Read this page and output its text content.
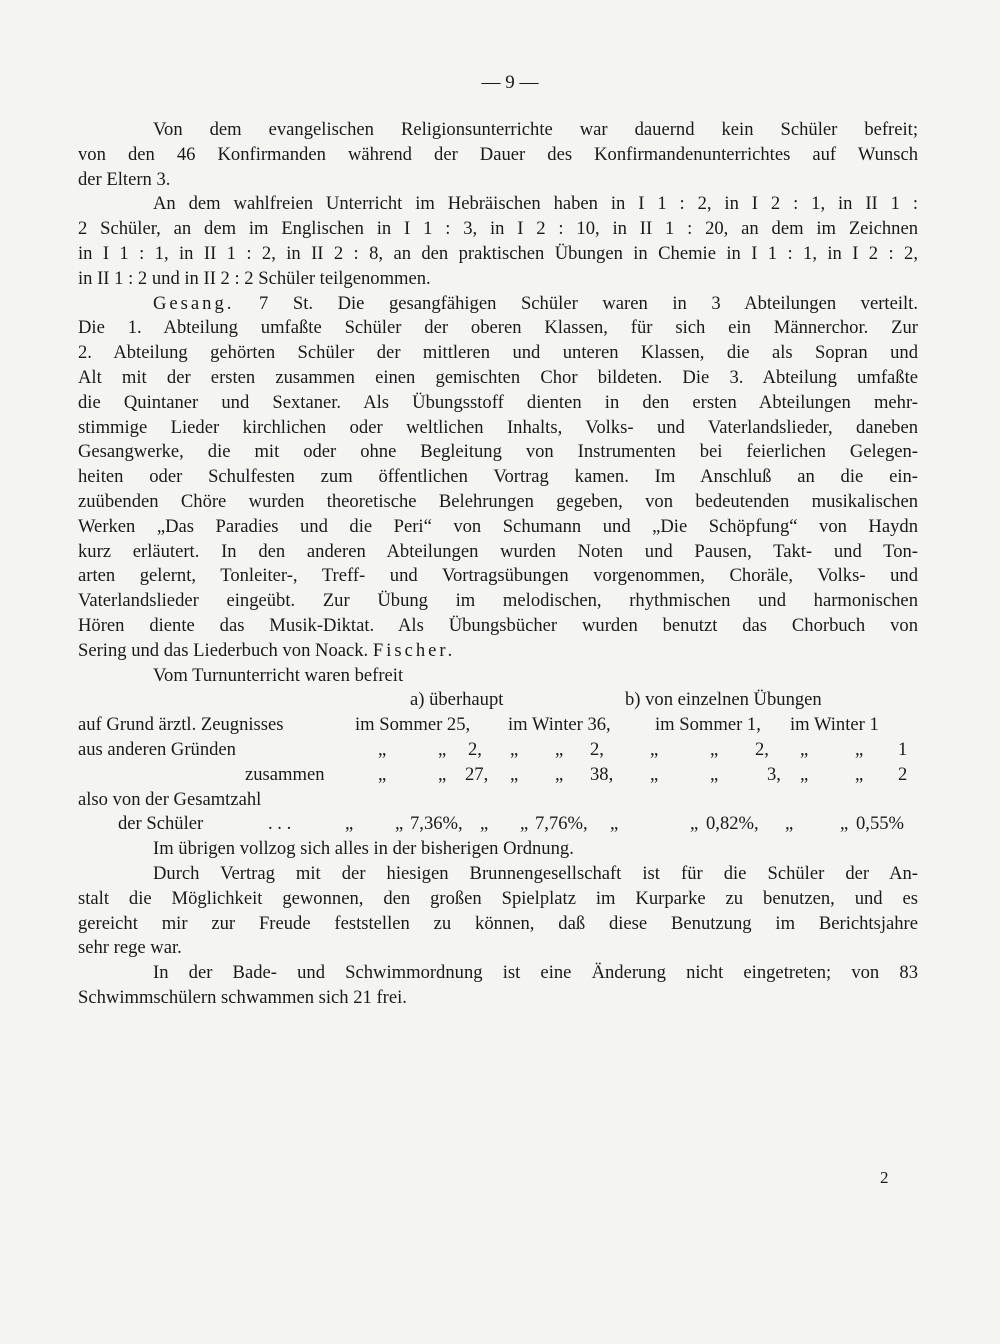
— 9 —
Von dem evangelischen Religionsunterrichte war dauernd kein Schüler befreit;
von den 46 Konfirmanden während der Dauer des Konfirmandenunterrichtes auf Wunsch
der Eltern 3.
An dem wahlfreien Unterricht im Hebräischen haben in I 1 : 2, in I 2 : 1, in II 1 :
2 Schüler, an dem im Englischen in I 1 : 3, in I 2 : 10, in II 1 : 20, an dem im Zeichnen
in I 1 : 1, in II 1 : 2, in II 2 : 8, an den praktischen Übungen in Chemie in I 1 : 1, in I 2 : 2,
in II 1 : 2 und in II 2 : 2 Schüler teilgenommen.
Gesang. 7 St. Die gesangfähigen Schüler waren in 3 Abteilungen verteilt.
Die 1. Abteilung umfaßte Schüler der oberen Klassen, für sich ein Männerchor. Zur
2. Abteilung gehörten Schüler der mittleren und unteren Klassen, die als Sopran und
Alt mit der ersten zusammen einen gemischten Chor bildeten. Die 3. Abteilung umfaßte
die Quintaner und Sextaner. Als Übungsstoff dienten in den ersten Abteilungen mehr-
stimmige Lieder kirchlichen oder weltlichen Inhalts, Volks- und Vaterlandslieder, daneben
Gesangwerke, die mit oder ohne Begleitung von Instrumenten bei feierlichen Gelegen-
heiten oder Schulfesten zum öffentlichen Vortrag kamen. Im Anschluß an die ein-
zuübenden Chöre wurden theoretische Belehrungen gegeben, von bedeutenden musikalischen
Werken „Das Paradies und die Peri“ von Schumann und „Die Schöpfung“ von Haydn
kurz erläutert. In den anderen Abteilungen wurden Noten und Pausen, Takt- und Ton-
arten gelernt, Tonleiter-, Treff- und Vortragsübungen vorgenommen, Choräle, Volks- und
Vaterlandslieder eingeübt. Zur Übung im melodischen, rhythmischen und harmonischen
Hören diente das Musik-Diktat. Als Übungsbücher wurden benutzt das Chorbuch von
Sering und das Liederbuch von Noack. Fischer.
Vom Turnunterricht waren befreit
a) überhaupt	b) von einzelnen Übungen
auf Grund ärztl. Zeugnisses	im Sommer 25, im Winter 36, im Sommer 1, im Winter 1
aus anderen Gründen	„	„ 2, „ „ 2, „	„ 2, „	„ 1
zusammen	„	„ 27, „ „ 38, „	„	3, „	„ 2
also von der Gesamtzahl
der Schüler	. . .	„ „ 7,36%, „ „ 7,76%, „	„ 0,82%, „	„ 0,55%
Im übrigen vollzog sich alles in der bisherigen Ordnung.
Durch Vertrag mit der hiesigen Brunnengesellschaft ist für die Schüler der An-
stalt die Möglichkeit gewonnen, den großen Spielplatz im Kurparke zu benutzen, und es
gereicht mir zur Freude feststellen zu können, daß diese Benutzung im Berichtsjahre
sehr rege war.
In der Bade- und Schwimmordnung ist eine Änderung nicht eingetreten; von 83
Schwimmschülern schwammen sich 21 frei.
2
